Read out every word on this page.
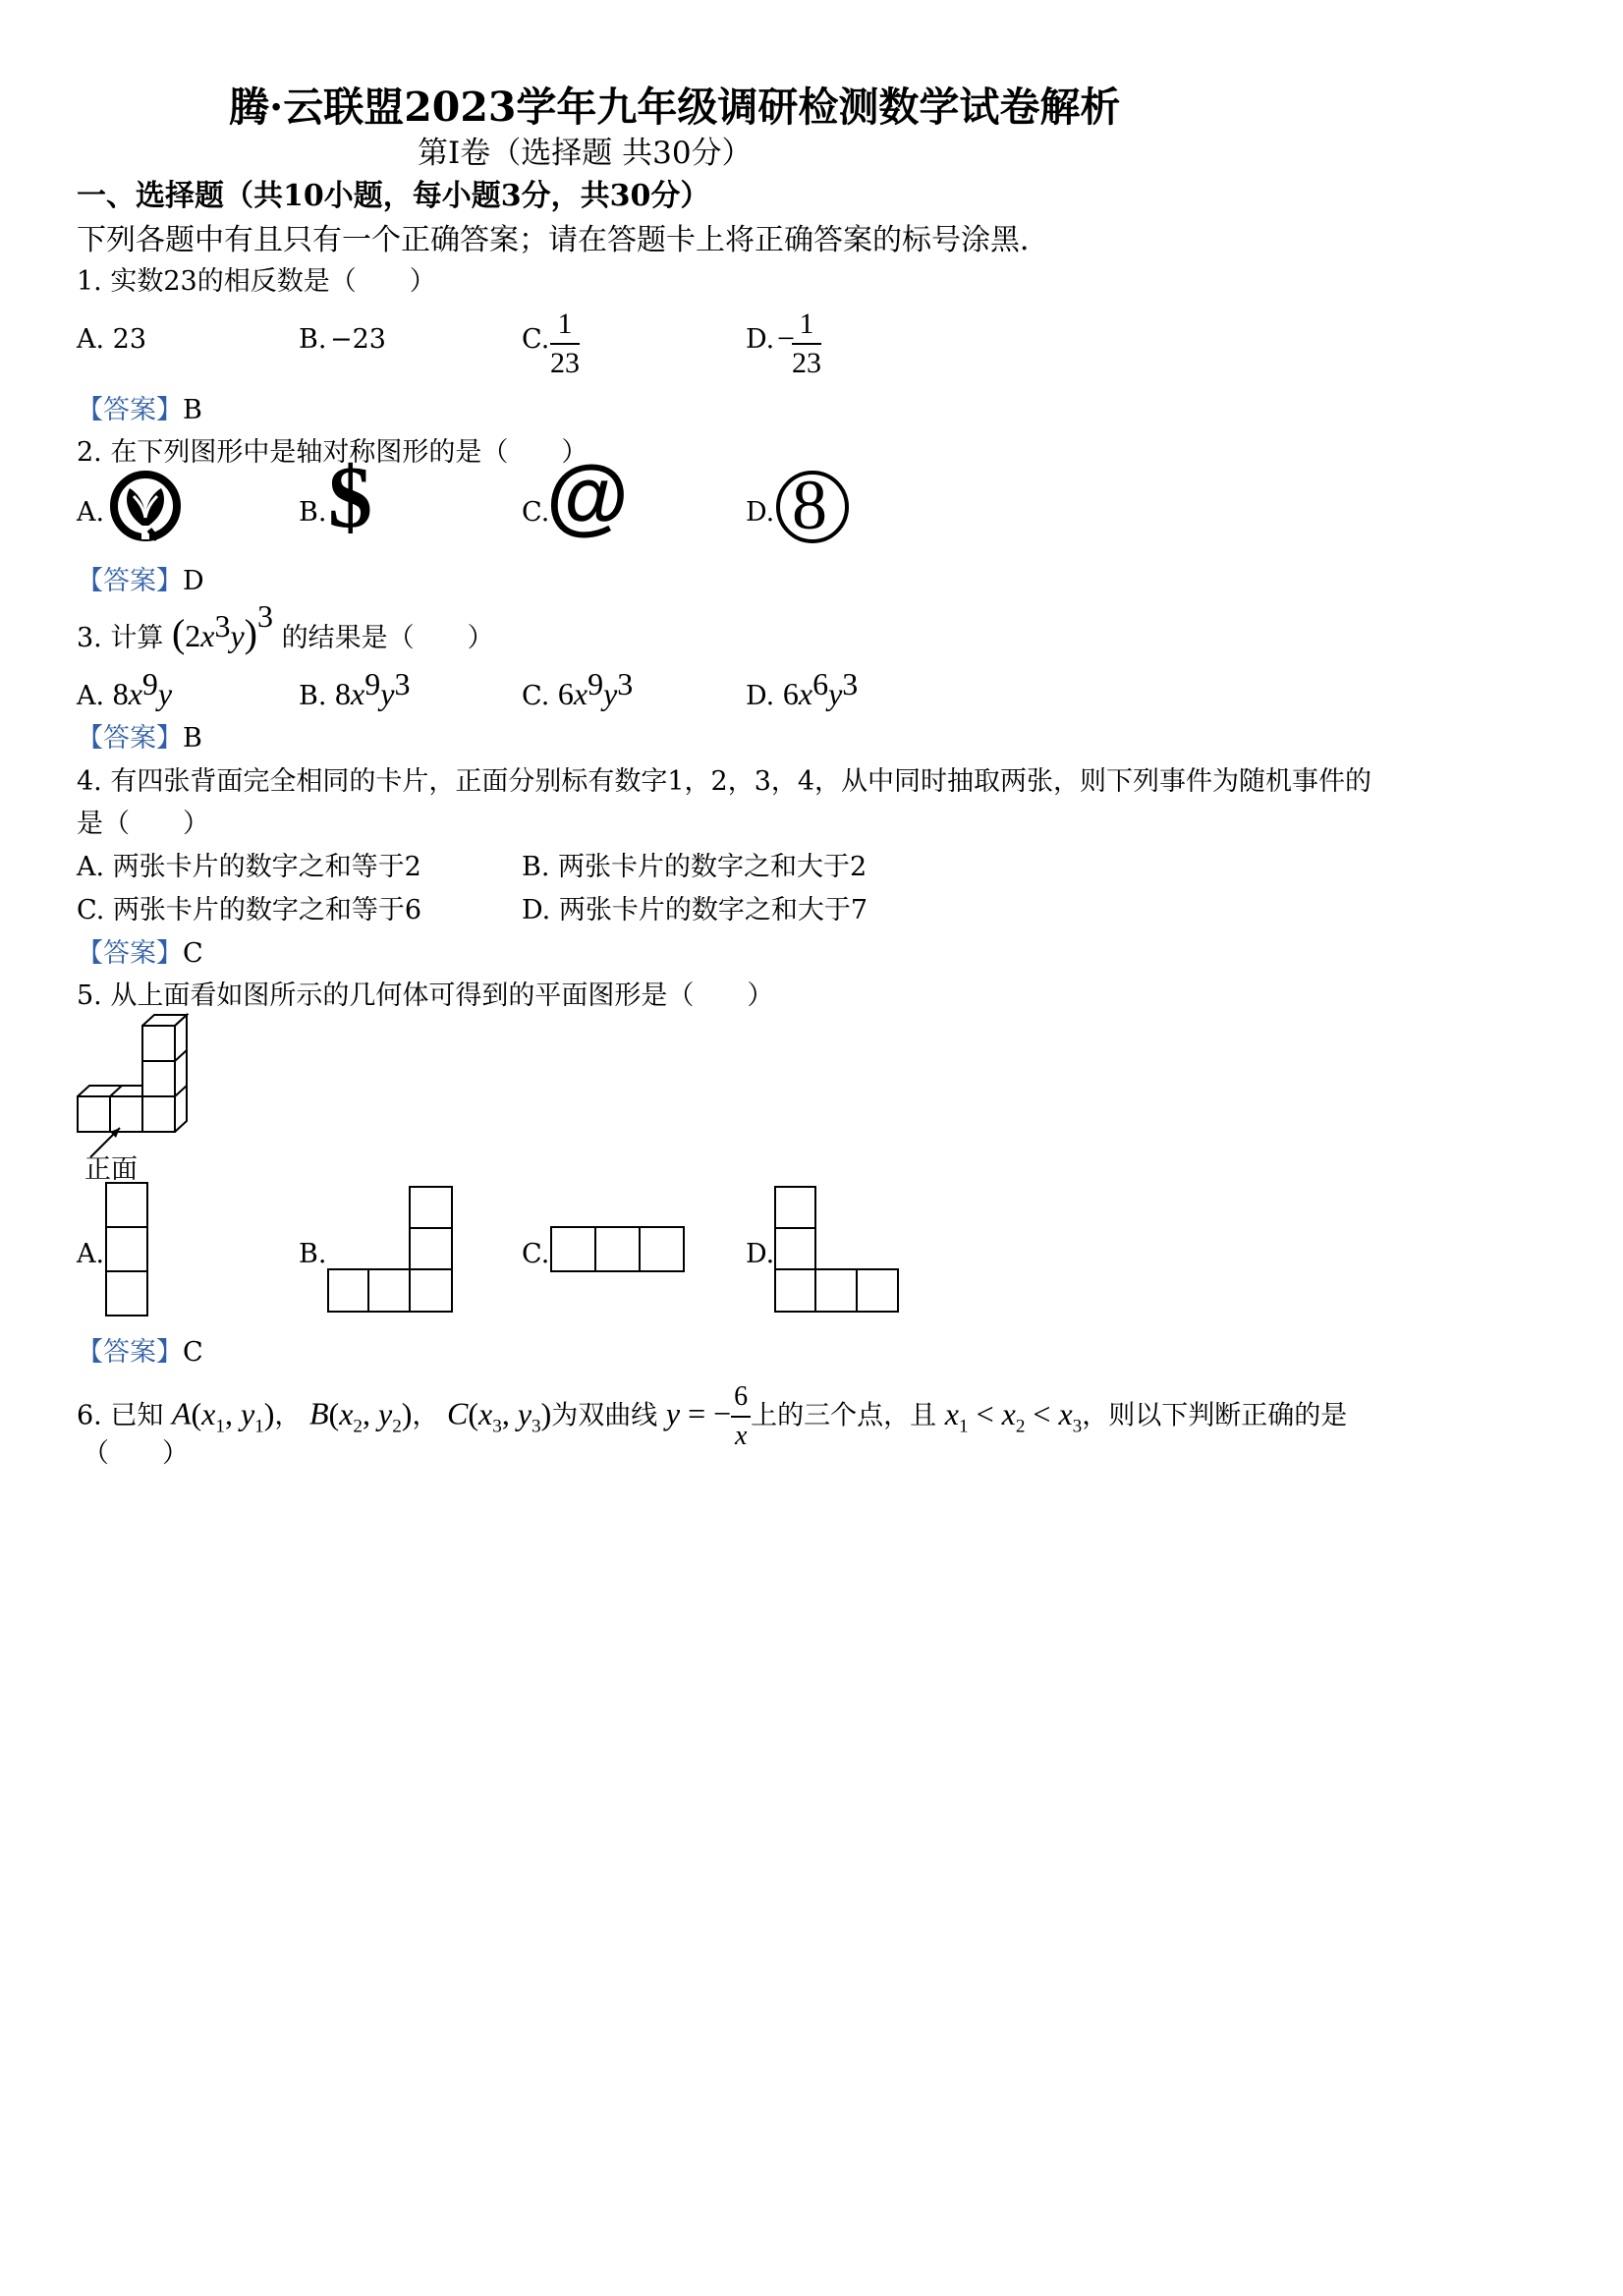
腾·云联盟2023学年九年级调研检测数学试卷解析
第Ⅰ卷（选择题 共30分）
一、选择题（共10小题，每小题3分，共30分）
下列各题中有且只有一个正确答案；请在答题卡上将正确答案的标号涂黑．
1. 实数23的相反数是（　　）
A. 23	B. −23	C. $\frac{1}{23}$	D. −
$\frac{1}{23}$
【答案】B
2. 在下列图形中是轴对称图形的是（　　）
A.	B. $	C.
@	D. 8
【答案】D
3. 计算 $(2x^3y)^3$ 的结果是（　　）
A. $8x^9y$	B. $8x^9y^3$	C. $6x^9y^3$	D. $6x^6y^3$
【答案】B
4. 有四张背面完全相同的卡片，正面分别标有数字1，2，3，4，从中同时抽取两张，则下列事件为随机事件的
是（　　）
A. 两张卡片的数字之和等于2	B. 两张卡片的数字之和大于2
C. 两张卡片的数字之和等于6	D. 两张卡片的数字之和大于7
【答案】C
5. 从上面看如图所示的几何体可得到的平面图形是（　　）
正面
A.	B.	C.	D.
【答案】C
6. 已知 $A(x_1$, $y_1$)， $B(x_2$, $y_2$)， $C(x_3$, $y_3$)为双曲线 y = − $\frac{6}{x}$ 上的三个点，且 $x_1 < x_2 < x_3$，则以下判断正确的是
（　　）
